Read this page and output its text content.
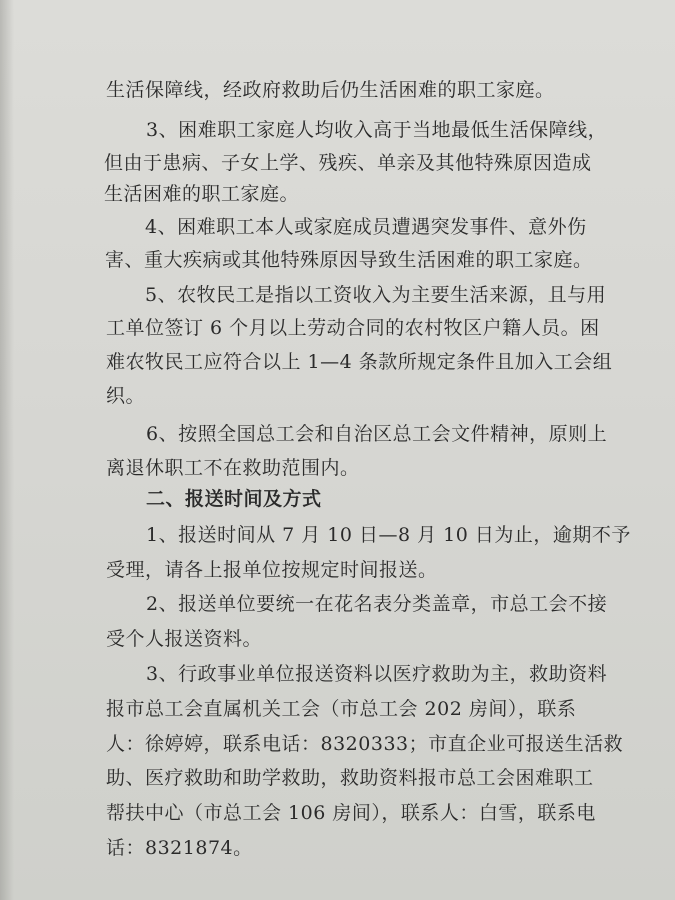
生活保障线，经政府救助后仍生活困难的职工家庭。
3、困难职工家庭人均收入高于当地最低生活保障线，
但由于患病、子女上学、残疾、单亲及其他特殊原因造成
生活困难的职工家庭。
4、困难职工本人或家庭成员遭遇突发事件、意外伤
害、重大疾病或其他特殊原因导致生活困难的职工家庭。
5、农牧民工是指以工资收入为主要生活来源，且与用
工单位签订 6 个月以上劳动合同的农村牧区户籍人员。困
难农牧民工应符合以上 1—4 条款所规定条件且加入工会组
织。
6、按照全国总工会和自治区总工会文件精神，原则上
离退休职工不在救助范围内。
二、报送时间及方式
1、报送时间从 7 月 10 日—8 月 10 日为止，逾期不予
受理，请各上报单位按规定时间报送。
2、报送单位要统一在花名表分类盖章，市总工会不接
受个人报送资料。
3、行政事业单位报送资料以医疗救助为主，救助资料
报市总工会直属机关工会（市总工会 202 房间），联系
人：徐婷婷，联系电话：8320333；市直企业可报送生活救
助、医疗救助和助学救助，救助资料报市总工会困难职工
帮扶中心（市总工会 106 房间），联系人：白雪，联系电
话：8321874。
